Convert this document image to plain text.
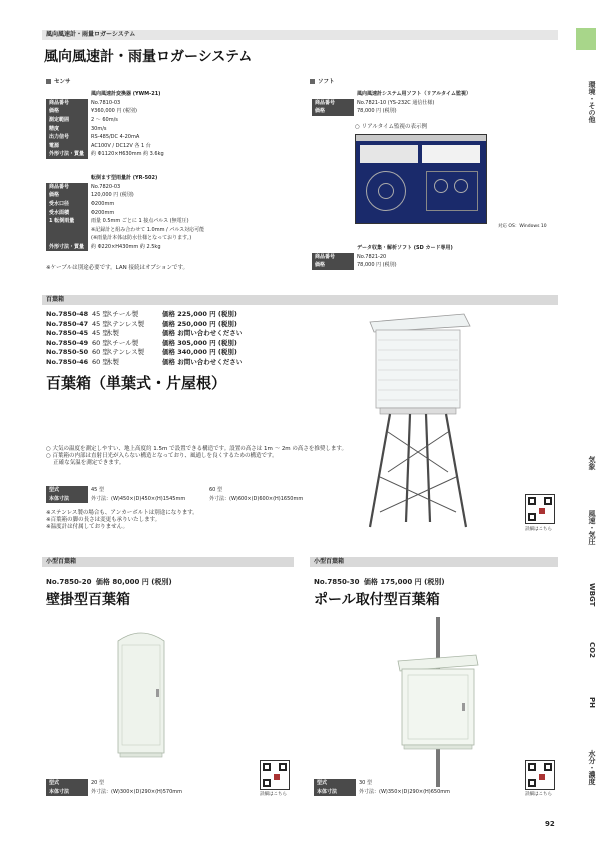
風向風速計・雨量ロガーシステム
風向風速計・雨量ロガーシステム
環境・その他
気象
風速・気圧
WBGT
CO2
PH
水分・濃度
センサ
	風向風速計変換器 (YWM-21)
商品番号	No.7810-03
価格	¥360,000 円 (税別)
測定範囲	2 〜 60m/s
精度	30m/s
出力信号	RS-485/DC 4-20mA
電源	AC100V / DC12V 各 1 台
外形寸法・質量	約 Φ1120×H630mm 約 3.6kg
	転倒ます型雨量計 (YR-502)
商品番号	No.7820-03
価格	120,000 円 (税別)
受水口径	Φ200mm
受水面積	Φ200mm
1 転倒雨量	雨量 0.5mm ごとに 1 接点パルス (無電圧)
	※記録計と組み合わせて 1.0mm / パルス対応可能
	(※雨量計本体は防水仕様となっております。)
外形寸法・質量	約 Φ220×H430mm 約 2.5kg
※ケーブルは別途必要です。LAN 接続はオプションです。
ソフト
	風向風速計システム用ソフト（リアルタイム監視）
商品番号	No.7821-10 (YS-232C 通信仕様)
価格	78,000 円 (税別)
○ リアルタイム監視の表示例
対応 OS：Windows 10
	データ収集・解析ソフト (SD カード専用)
商品番号	No.7821-20
価格	78,000 円 (税別)
百葉箱
No.7850-48 45 型スチール製	価格 225,000 円 (税別)
No.7850-47 45 型ステンレス製	価格 250,000 円 (税別)
No.7850-45 45 型木製	価格 お問い合わせください
No.7850-49 60 型スチール製	価格 305,000 円 (税別)
No.7850-50 60 型ステンレス製	価格 340,000 円 (税別)
No.7850-46 60 型木製	価格 お問い合わせください
百葉箱（単葉式・片屋根）
○ 大気の温度を測定しやすい、地上高度約 1.5m で設置できる構造です。設置の高さは 1m 〜 2m の高さを推奨します。
○ 百葉箱の内部は直射日光が入らない構造となっており、風通しを良くするための構造です。
　 正確な気温を測定できます。
型式	45 型	60 型
本体寸法	外寸法：(W)450×(D)450×(H)1545mm	外寸法：(W)600×(D)600×(H)1650mm
※ステンレス製の場合も、アンカーボルトは別途になります。
※百葉箱の脚の長さは変更も承りいたします。
※温度計は付属しておりません。	詳細はこちら
小型百葉箱
No.7850-20 価格 80,000 円 (税別)
壁掛型百葉箱
型式	20 型
本体寸法	外寸法：(W)300×(D)290×(H)570mm	詳細はこちら
小型百葉箱
No.7850-30 価格 175,000 円 (税別)
ポール取付型百葉箱
型式	30 型
本体寸法	外寸法：(W)350×(D)290×(H)650mm	詳細はこちら
92
